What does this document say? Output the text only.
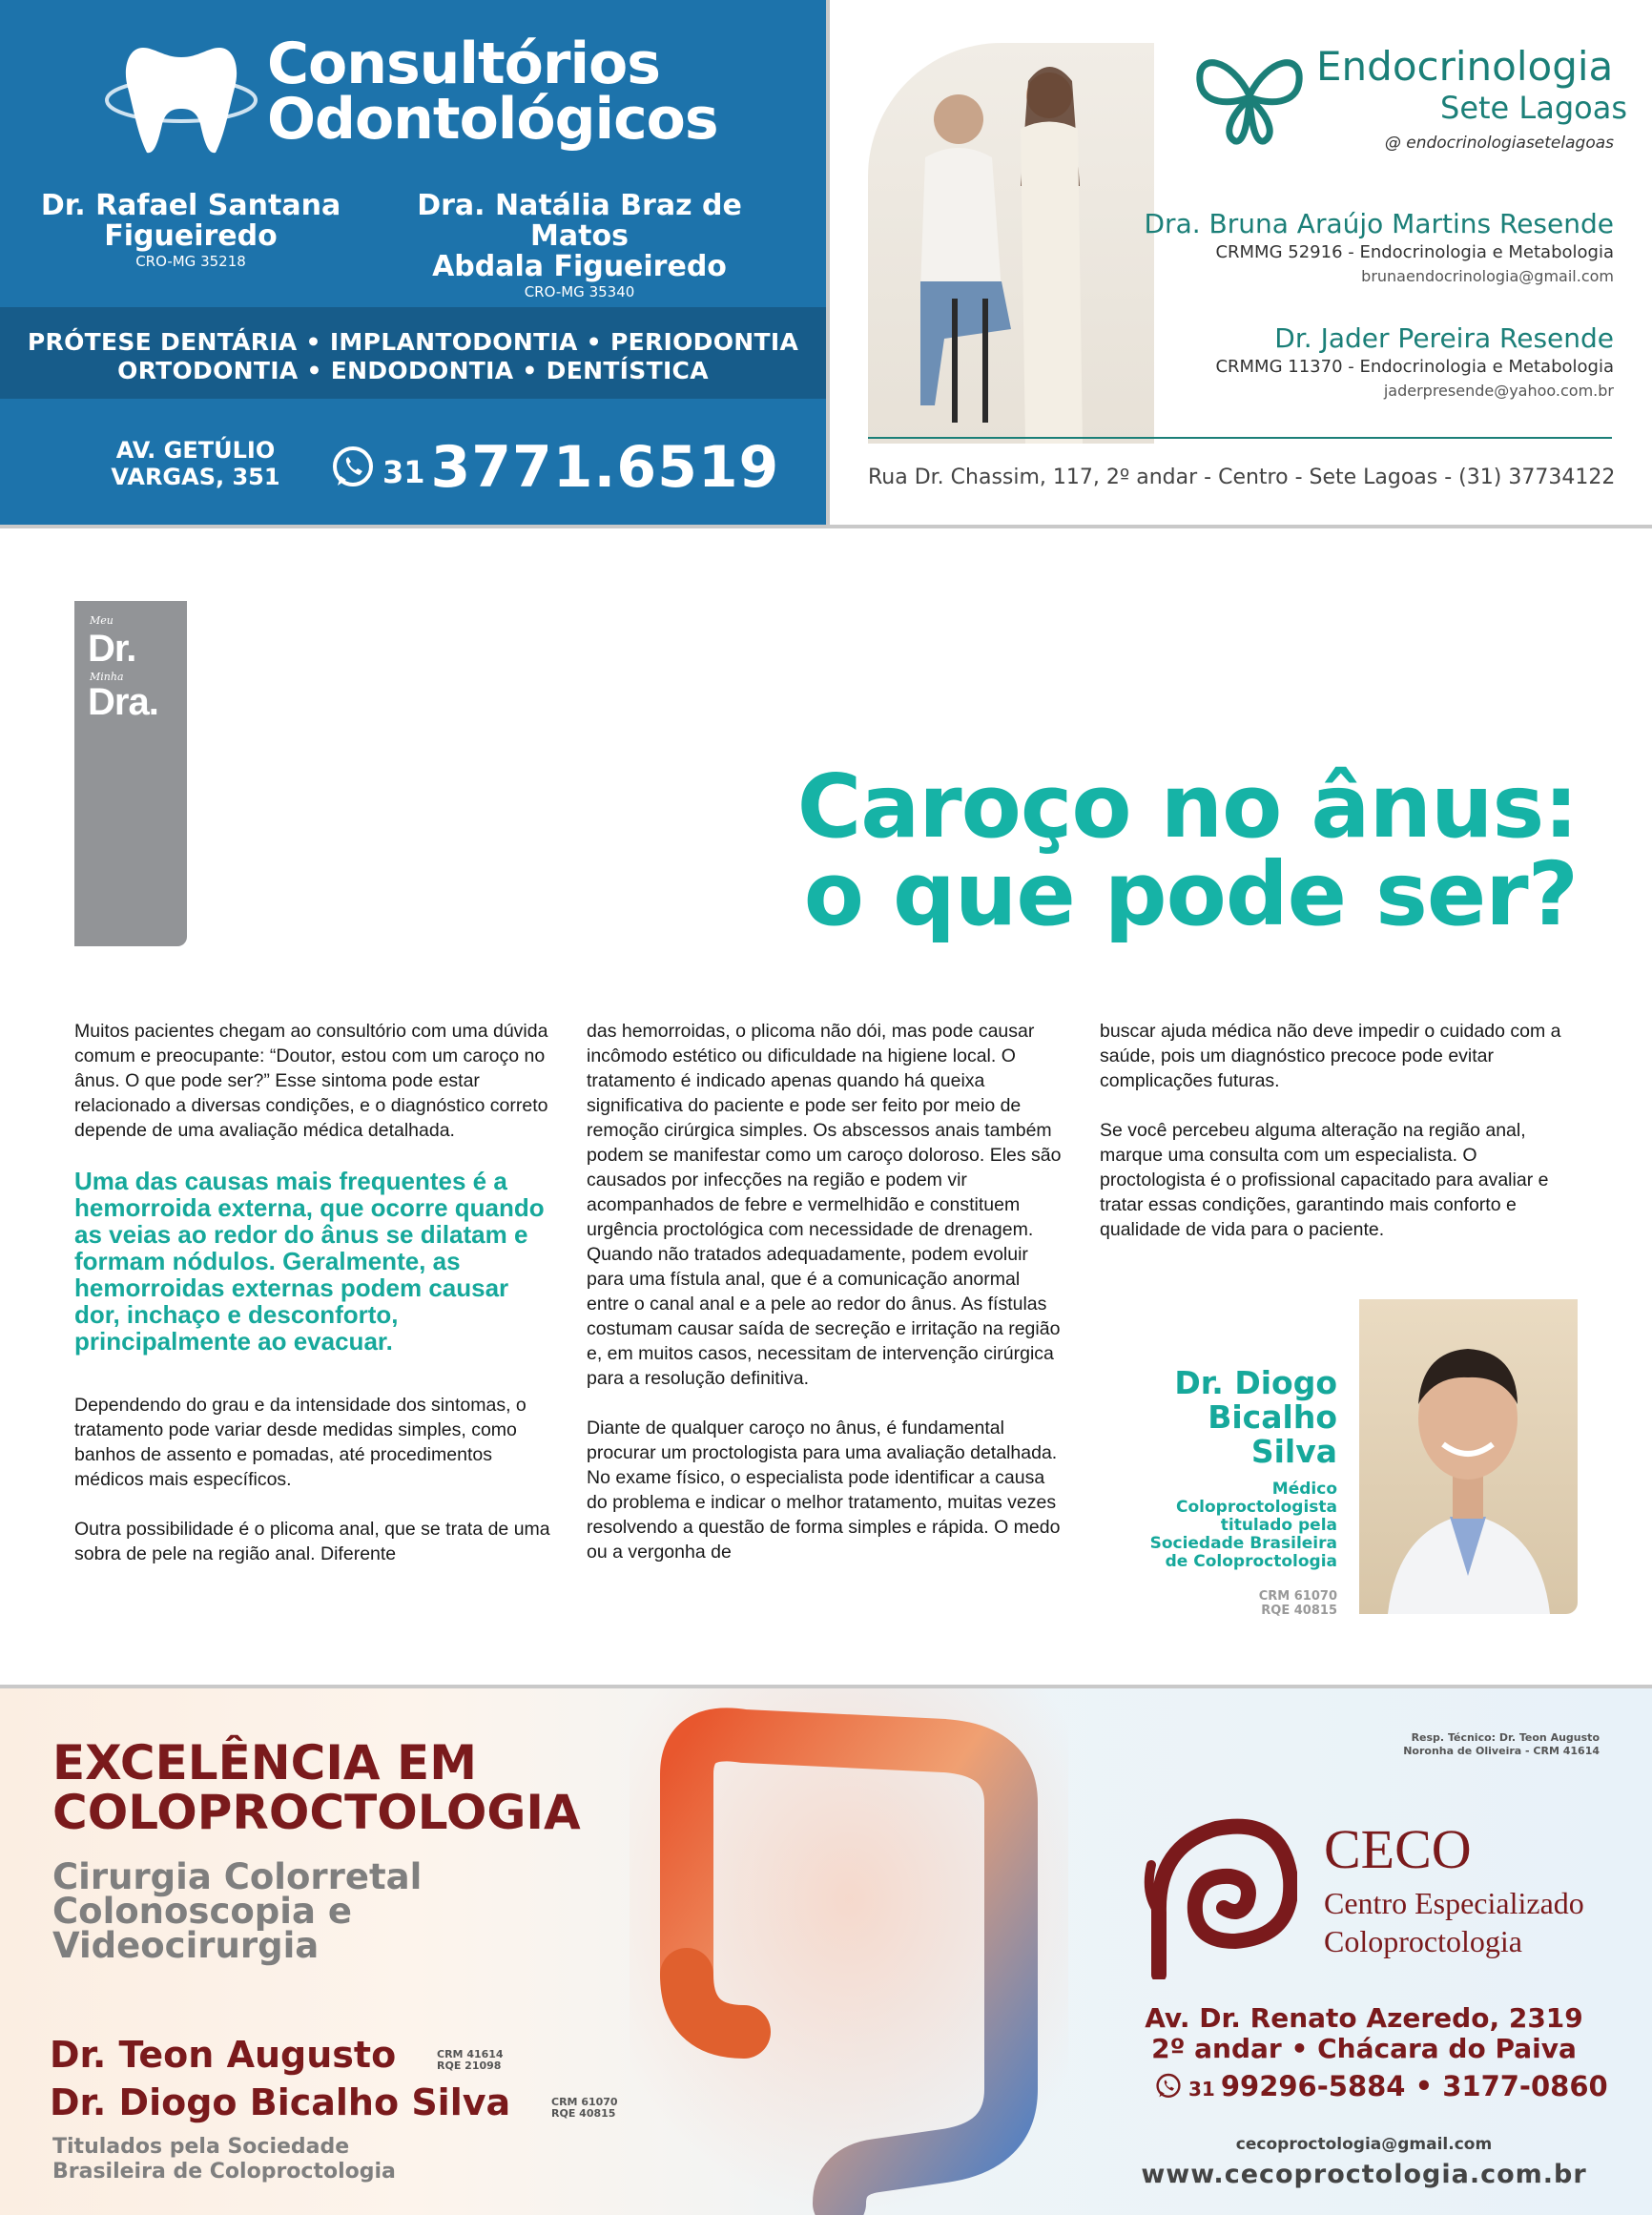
Consultórios
Odontológicos
Dr. Rafael Santana
Figueiredo
CRO-MG 35218
Dra. Natália Braz de Matos
Abdala Figueiredo
CRO-MG 35340
PRÓTESE DENTÁRIA • IMPLANTODONTIA • PERIODONTIA
ORTODONTIA • ENDODONTIA • DENTÍSTICA
AV. GETÚLIO
VARGAS, 351	31 3771.6519
Endocrinologia
Sete Lagoas
@ endocrinologiasetelagoas
Dra. Bruna Araújo Martins Resende
CRMMG 52916 - Endocrinologia e Metabologia
brunaendocrinologia@gmail.com
Dr. Jader Pereira Resende
CRMMG 11370 - Endocrinologia e Metabologia
jaderpresende@yahoo.com.br
Rua Dr. Chassim, 117, 2º andar - Centro - Sete Lagoas - (31) 37734122
Meu
Dr.
Minha
Dra.
Caroço no ânus:
o que pode ser?

Muitos pacientes chegam ao consultório com uma dúvida comum e preocupante: “Doutor, estou com um caroço no ânus. O que pode ser?” Esse sintoma pode estar relacionado a diversas condições, e o diagnóstico correto depende de uma avaliação médica detalhada.

Uma das causas mais frequentes é a hemorroida externa, que ocorre quando as veias ao redor do ânus se dilatam e formam nódulos. Geralmente, as hemorroidas externas podem causar dor, inchaço e desconforto, principalmente ao evacuar.

Dependendo do grau e da intensidade dos sintomas, o tratamento pode variar desde medidas simples, como banhos de assento e pomadas, até procedimentos médicos mais específicos.

Outra possibilidade é o plicoma anal, que se trata de uma sobra de pele na região anal. Diferente

das hemorroidas, o plicoma não dói, mas pode causar incômodo estético ou dificuldade na higiene local. O tratamento é indicado apenas quando há queixa significativa do paciente e pode ser feito por meio de remoção cirúrgica simples. Os abscessos anais também podem se manifestar como um caroço doloroso. Eles são causados por infecções na região e podem vir acompanhados de febre e vermelhidão e constituem urgência proctológica com necessidade de drenagem. Quando não tratados adequadamente, podem evoluir para uma fístula anal, que é a comunicação anormal entre o canal anal e a pele ao redor do ânus. As fístulas costumam causar saída de secreção e irritação na região e, em muitos casos, necessitam de intervenção cirúrgica para a resolução definitiva.

Diante de qualquer caroço no ânus, é fundamental procurar um proctologista para uma avaliação detalhada. No exame físico, o especialista pode identificar a causa do problema e indicar o melhor tratamento, muitas vezes resolvendo a questão de forma simples e rápida. O medo ou a vergonha de

buscar ajuda médica não deve impedir o cuidado com a saúde, pois um diagnóstico precoce pode evitar complicações futuras.

Se você percebeu alguma alteração na região anal, marque uma consulta com um especialista. O proctologista é o profissional capacitado para avaliar e tratar essas condições, garantindo mais conforto e qualidade de vida para o paciente.

Dr. Diogo
Bicalho
Silva
Médico
Coloproctologista
titulado pela
Sociedade Brasileira
de Coloproctologia
CRM 61070
RQE 40815
EXCELÊNCIA EM
COLOPROCTOLOGIA
Cirurgia Colorretal
Colonoscopia e
Videocirurgia
Dr. Teon Augusto	CRM 41614
RQE 21098
Dr. Diogo Bicalho Silva	CRM 61070
RQE 40815
Titulados pela Sociedade
Brasileira de Coloproctologia
Resp. Técnico: Dr. Teon Augusto
Noronha de Oliveira - CRM 41614
CECO
Centro Especializado
Coloproctologia
Av. Dr. Renato Azeredo, 2319
2º andar • Chácara do Paiva
31 99296-5884 • 3177-0860
cecoproctologia@gmail.com
www.cecoproctologia.com.br
